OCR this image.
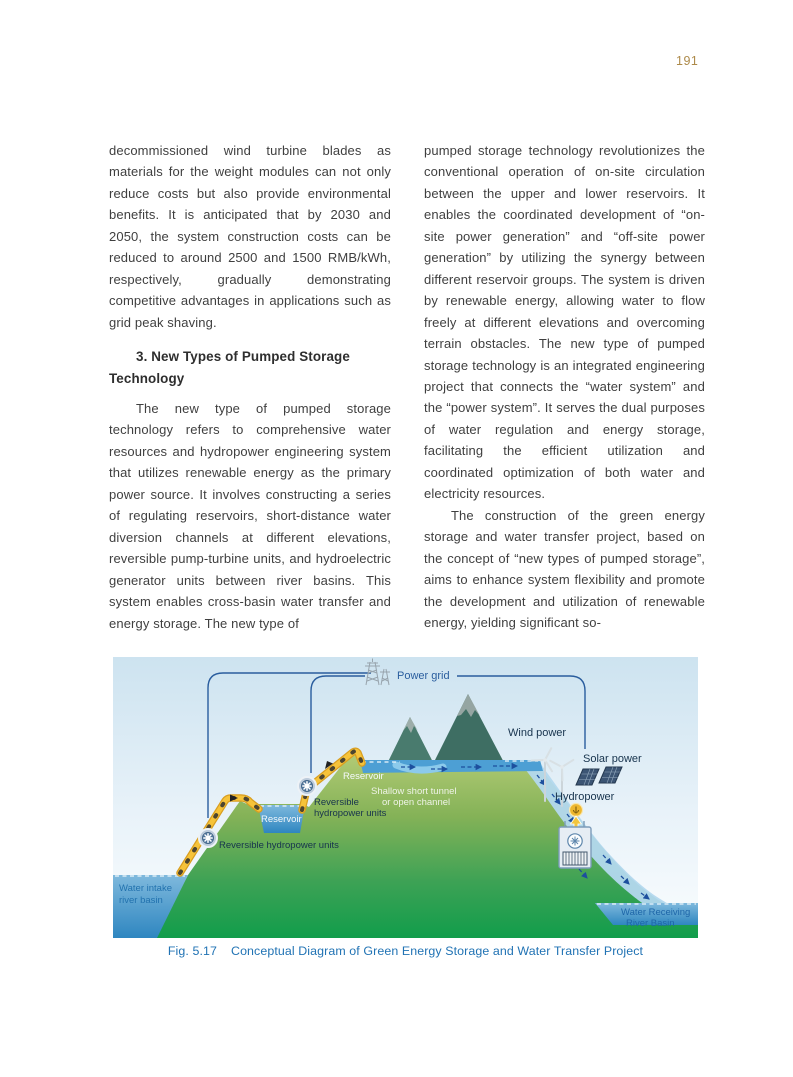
191

decommissioned wind turbine blades as materials for the weight modules can not only reduce costs but also provide environmental benefits. It is anticipated that by 2030 and 2050, the system construction costs can be reduced to around 2500 and 1500 RMB/kWh, respectively, gradually demonstrating competitive advantages in applications such as grid peak shaving.

3. New Types of Pumped Storage Technology

The new type of pumped storage technology refers to comprehensive water resources and hydropower engineering system that utilizes renewable energy as the primary power source. It involves constructing a series of regulating reservoirs, short-distance water diversion channels at different elevations, reversible pump-turbine units, and hydroelectric generator units between river basins. This system enables cross-basin water transfer and energy storage. The new type of

pumped storage technology revolutionizes the conventional operation of on-site circulation between the upper and lower reservoirs. It enables the coordinated development of “on-site power generation” and “off-site power generation” by utilizing the synergy between different reservoir groups. The system is driven by renewable energy, allowing water to flow freely at different elevations and overcoming terrain obstacles. The new type of pumped storage technology is an integrated engineering project that connects the “water system” and the “power system”. It serves the dual purposes of water regulation and energy storage, facilitating the efficient utilization and coordinated optimization of both water and electricity resources.

The construction of the green energy storage and water transfer project, based on the concept of “new types of pumped storage”, aims to enhance system flexibility and promote the development and utilization of renewable energy, yielding significant so-

Power grid
Wind power
Solar power
Hydropower
Reservoir
Reservoir
Shallow short tunnel
or open channel
Reversible hydropower units
Reversible
hydropower units
Water intake
river basin
Water Receiving
River Basin
Fig. 5.17 Conceptual Diagram of Green Energy Storage and Water Transfer Project
